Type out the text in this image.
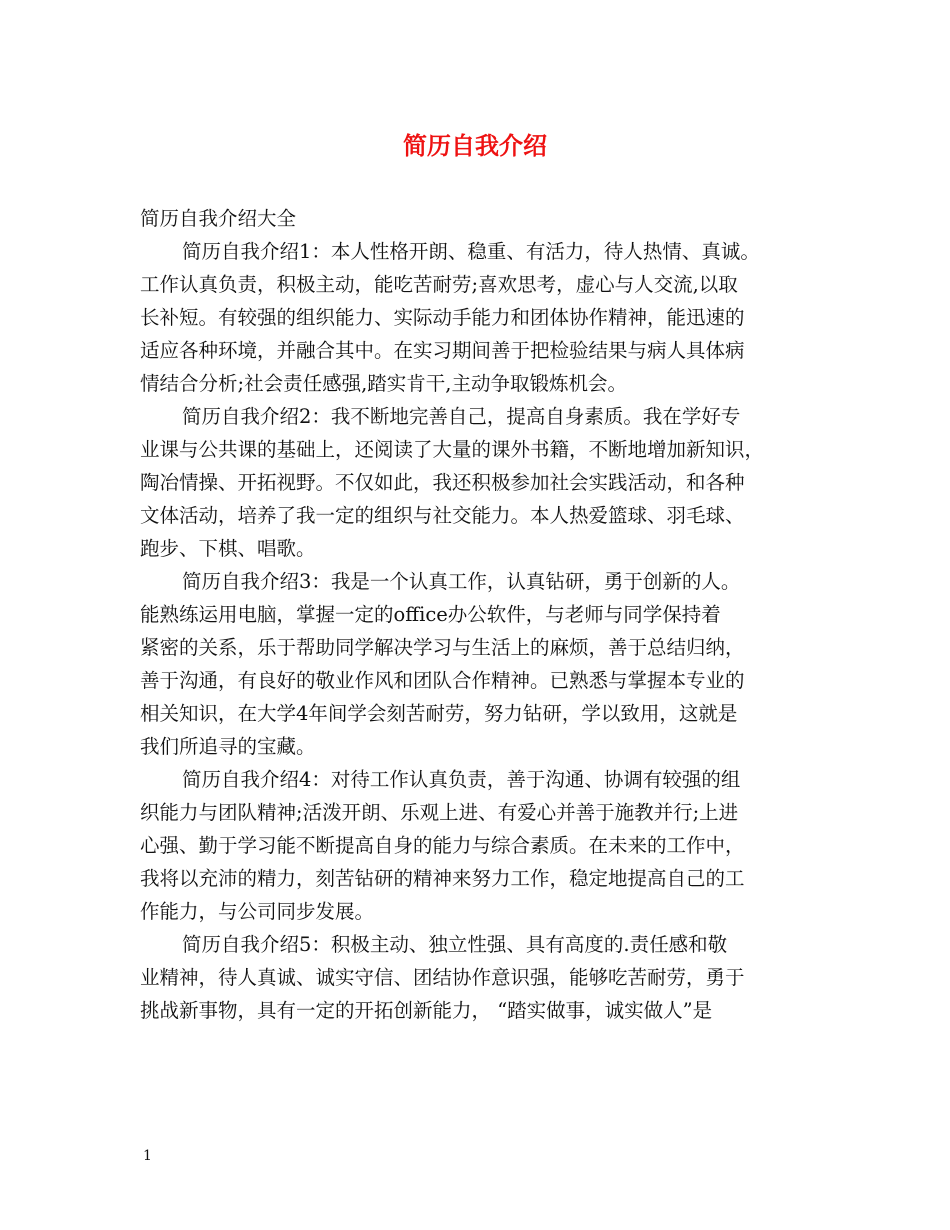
简历自我介绍

简历自我介绍大全

简历自我介绍1：本人性格开朗、稳重、有活力，待人热情、真诚。
工作认真负责，积极主动，能吃苦耐劳;喜欢思考，虚心与人交流,以取
长补短。有较强的组织能力、实际动手能力和团体协作精神，能迅速的
适应各种环境，并融合其中。在实习期间善于把检验结果与病人具体病
情结合分析;社会责任感强,踏实肯干,主动争取锻炼机会。

简历自我介绍2：我不断地完善自己，提高自身素质。我在学好专
业课与公共课的基础上，还阅读了大量的课外书籍，不断地增加新知识，
陶冶情操、开拓视野。不仅如此，我还积极参加社会实践活动，和各种
文体活动，培养了我一定的组织与社交能力。本人热爱篮球、羽毛球、
跑步、下棋、唱歌。

简历自我介绍3：我是一个认真工作，认真钻研，勇于创新的人。
能熟练运用电脑，掌握一定的office办公软件，与老师与同学保持着
紧密的关系，乐于帮助同学解决学习与生活上的麻烦，善于总结归纳，
善于沟通，有良好的敬业作风和团队合作精神。已熟悉与掌握本专业的
相关知识，在大学4年间学会刻苦耐劳，努力钻研，学以致用，这就是
我们所追寻的宝藏。

简历自我介绍4：对待工作认真负责，善于沟通、协调有较强的组
织能力与团队精神;活泼开朗、乐观上进、有爱心并善于施教并行;上进
心强、勤于学习能不断提高自身的能力与综合素质。在未来的工作中，
我将以充沛的精力，刻苦钻研的精神来努力工作，稳定地提高自己的工
作能力，与公司同步发展。

简历自我介绍5：积极主动、独立性强、具有高度的.责任感和敬
业精神，待人真诚、诚实守信、团结协作意识强，能够吃苦耐劳，勇于
挑战新事物，具有一定的开拓创新能力， “踏实做事，诚实做人”是

1
